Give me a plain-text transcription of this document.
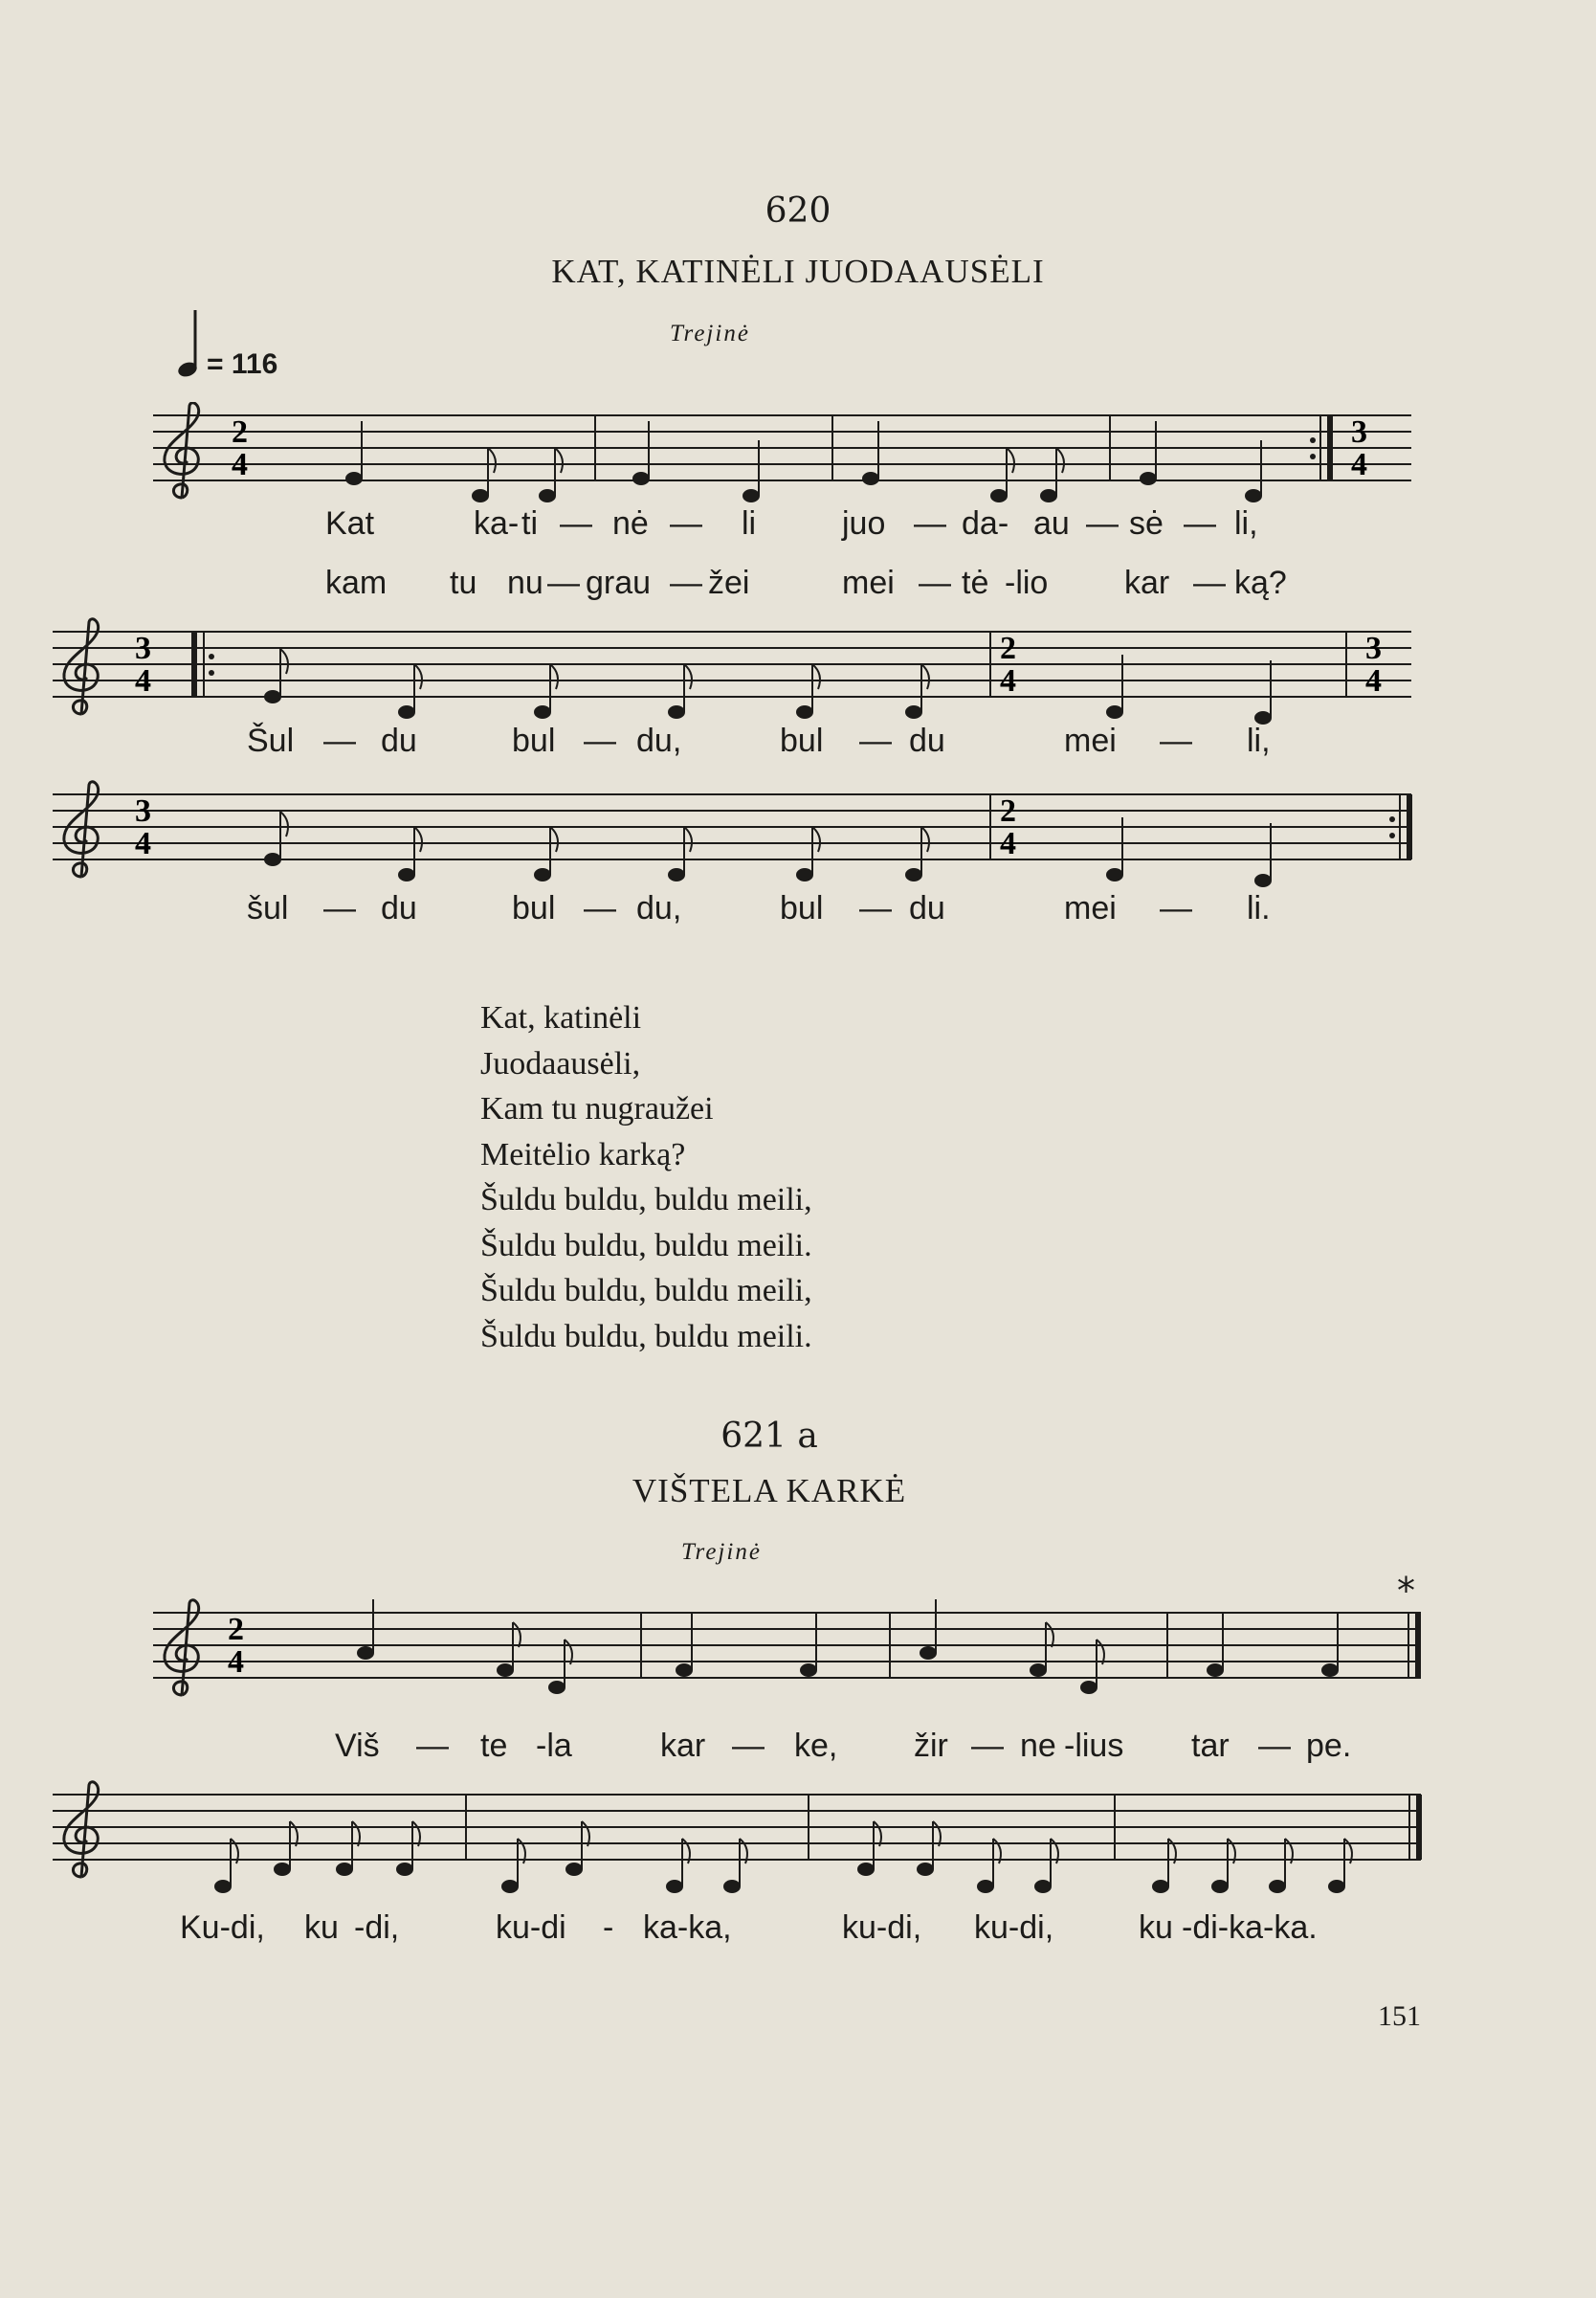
620
KAT, KATINĖLI JUODAAUSĖLI
= 116
Trejinė
2
4
3
4
Kat	ka- ti — nė — li	juo — da- au — sė — li,
kam tu nu — grau — žei	mei — tė -lio kar — ką?
3
4
2
4
3
4
Šul — du	bul — du,	bul — du	mei — li,
3
4
2
4
šul — du	bul — du,	bul — du	mei — li.
Kat, katinėli
Juodaausėli,
Kam tu nugraužei
Meitėlio karką?
Šuldu buldu, buldu meili,
Šuldu buldu, buldu meili.
Šuldu buldu, buldu meili,
Šuldu buldu, buldu meili.
621 a
VIŠTELA KARKĖ
Trejinė
*
2
4
Viš — te -la	kar — ke, žir — ne -lius tar — pe.
Ku-di, ku -di,	ku-di - ka-ka,	ku-di, ku-di,	ku -di-ka-ka.
151
